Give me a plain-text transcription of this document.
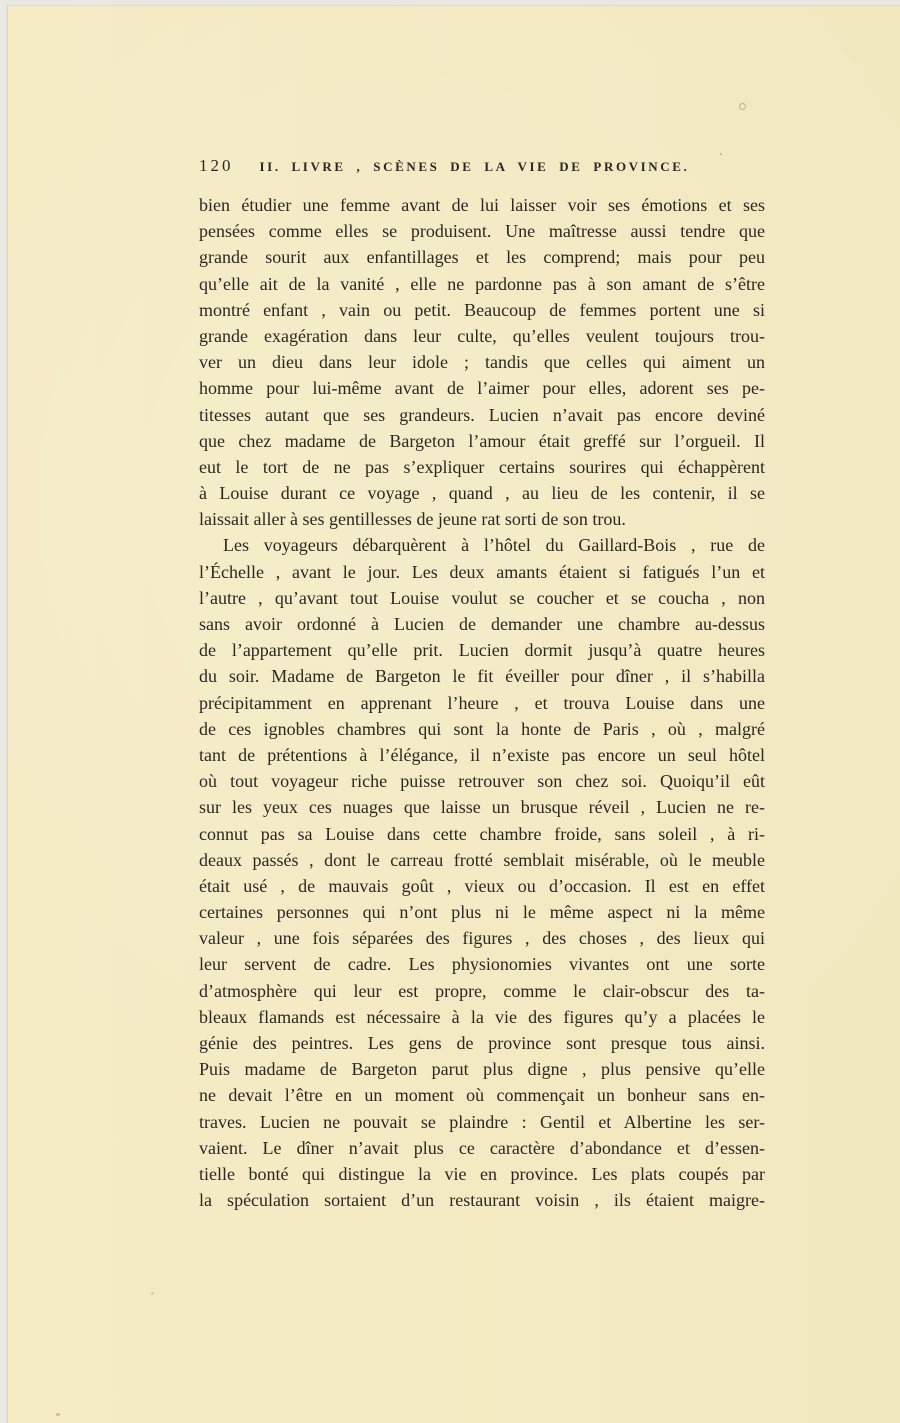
120 II. LIVRE , SCÈNES DE LA VIE DE PROVINCE.
bien étudier une femme avant de lui laisser voir ses émotions et ses
pensées comme elles se produisent. Une maîtresse aussi tendre que
grande sourit aux enfantillages et les comprend; mais pour peu
qu’elle ait de la vanité , elle ne pardonne pas à son amant de s’être
montré enfant , vain ou petit. Beaucoup de femmes portent une si
grande exagération dans leur culte, qu’elles veulent toujours trou-
ver un dieu dans leur idole ; tandis que celles qui aiment un
homme pour lui-même avant de l’aimer pour elles, adorent ses pe-
titesses autant que ses grandeurs. Lucien n’avait pas encore deviné
que chez madame de Bargeton l’amour était greffé sur l’orgueil. Il
eut le tort de ne pas s’expliquer certains sourires qui échappèrent
à Louise durant ce voyage , quand , au lieu de les contenir, il se
laissait aller à ses gentillesses de jeune rat sorti de son trou.
Les voyageurs débarquèrent à l’hôtel du Gaillard-Bois , rue de
l’Échelle , avant le jour. Les deux amants étaient si fatigués l’un et
l’autre , qu’avant tout Louise voulut se coucher et se coucha , non
sans avoir ordonné à Lucien de demander une chambre au-dessus
de l’appartement qu’elle prit. Lucien dormit jusqu’à quatre heures
du soir. Madame de Bargeton le fit éveiller pour dîner , il s’habilla
précipitamment en apprenant l’heure , et trouva Louise dans une
de ces ignobles chambres qui sont la honte de Paris , où , malgré
tant de prétentions à l’élégance, il n’existe pas encore un seul hôtel
où tout voyageur riche puisse retrouver son chez soi. Quoiqu’il eût
sur les yeux ces nuages que laisse un brusque réveil , Lucien ne re-
connut pas sa Louise dans cette chambre froide, sans soleil , à ri-
deaux passés , dont le carreau frotté semblait misérable, où le meuble
était usé , de mauvais goût , vieux ou d’occasion. Il est en effet
certaines personnes qui n’ont plus ni le même aspect ni la même
valeur , une fois séparées des figures , des choses , des lieux qui
leur servent de cadre. Les physionomies vivantes ont une sorte
d’atmosphère qui leur est propre, comme le clair-obscur des ta-
bleaux flamands est nécessaire à la vie des figures qu’y a placées le
génie des peintres. Les gens de province sont presque tous ainsi.
Puis madame de Bargeton parut plus digne , plus pensive qu’elle
ne devait l’être en un moment où commençait un bonheur sans en-
traves. Lucien ne pouvait se plaindre : Gentil et Albertine les ser-
vaient. Le dîner n’avait plus ce caractère d’abondance et d’essen-
tielle bonté qui distingue la vie en province. Les plats coupés par
la spéculation sortaient d’un restaurant voisin , ils étaient maigre-
